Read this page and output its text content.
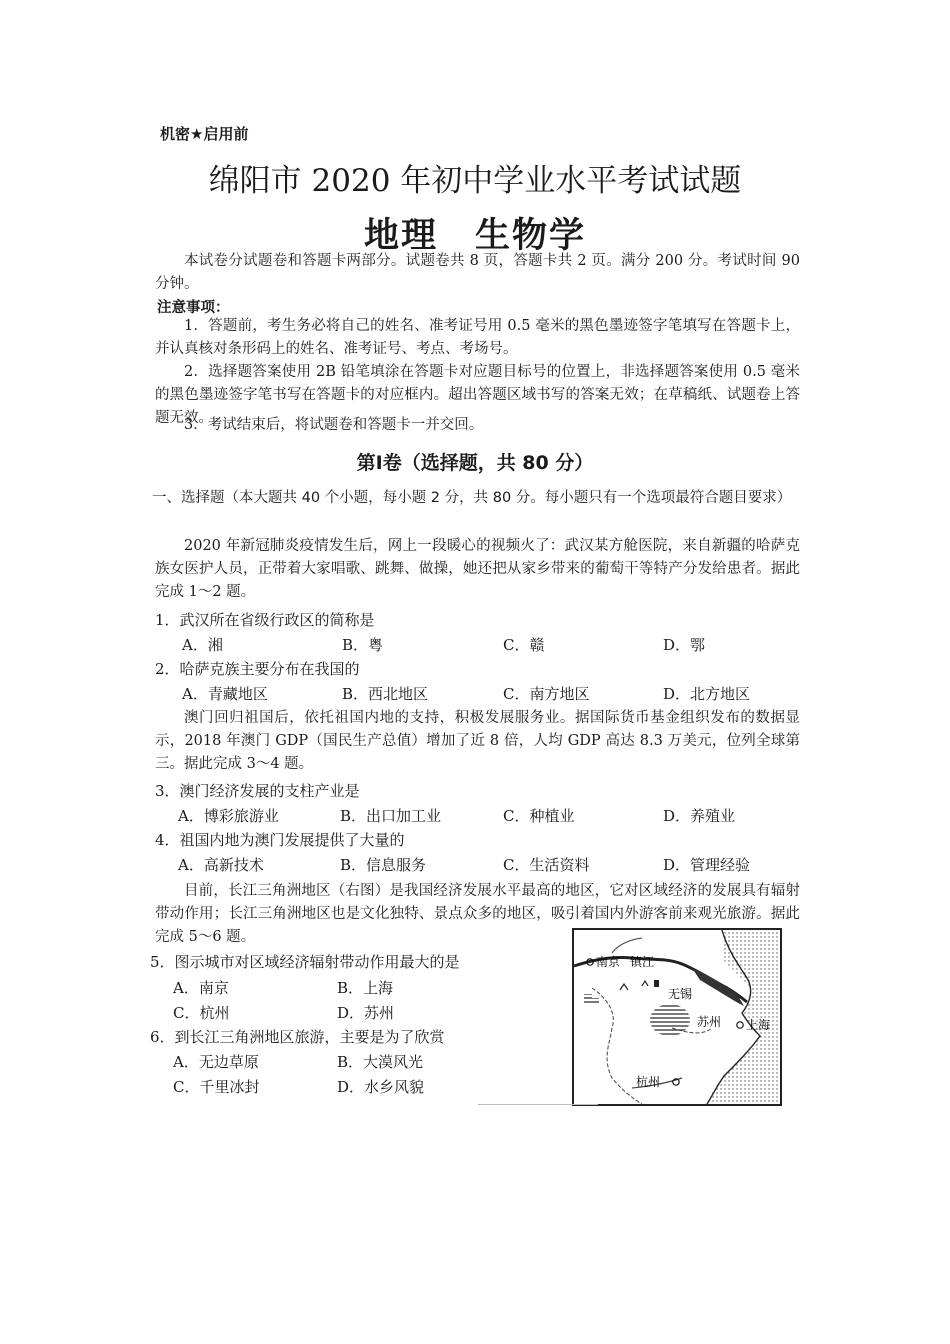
机密★启用前
绵阳市 2020 年初中学业水平考试试题
地理　生物学
本试卷分试题卷和答题卡两部分。试题卷共 8 页，答题卡共 2 页。满分 200 分。考试时间 90 分钟。
注意事项：
1．答题前，考生务必将自己的姓名、准考证号用 0.5 毫米的黑色墨迹签字笔填写在答题卡上，并认真核对条形码上的姓名、准考证号、考点、考场号。
2．选择题答案使用 2B 铅笔填涂在答题卡对应题目标号的位置上，非选择题答案使用 0.5 毫米的黑色墨迹签字笔书写在答题卡的对应框内。超出答题区域书写的答案无效；在草稿纸、试题卷上答题无效。
3．考试结束后，将试题卷和答题卡一并交回。
第Ⅰ卷（选择题，共 80 分）
一、选择题（本大题共 40 个小题，每小题 2 分，共 80 分。每小题只有一个选项最符合题目要求）
2020 年新冠肺炎疫情发生后，网上一段暖心的视频火了：武汉某方舱医院，来自新疆的哈萨克族女医护人员，正带着大家唱歌、跳舞、做操，她还把从家乡带来的葡萄干等特产分发给患者。据此完成 1～2 题。
1．武汉所在省级行政区的简称是
A．湘	B．粤	C．赣	D．鄂
2．哈萨克族主要分布在我国的
A．青藏地区	B．西北地区	C．南方地区	D．北方地区
澳门回归祖国后，依托祖国内地的支持，积极发展服务业。据国际货币基金组织发布的数据显示，2018 年澳门 GDP（国民生产总值）增加了近 8 倍，人均 GDP 高达 8.3 万美元，位列全球第三。据此完成 3～4 题。
3．澳门经济发展的支柱产业是
A．博彩旅游业	B．出口加工业	C．种植业	D．养殖业
4．祖国内地为澳门发展提供了大量的
A．高新技术	B．信息服务	C．生活资料	D．管理经验
目前，长江三角洲地区（右图）是我国经济发展水平最高的地区，它对区域经济的发展具有辐射带动作用；长江三角洲地区也是文化独特、景点众多的地区，吸引着国内外游客前来观光旅游。据此完成 5～6 题。
5．图示城市对区域经济辐射带动作用最大的是
A．南京	B．上海
C．杭州	D．苏州
6．到长江三角洲地区旅游，主要是为了欣赏
A．无边草原	B．大漠风光
C．千里冰封	D．水乡风貌
南京 镇江
无锡
苏州 上海
杭州
